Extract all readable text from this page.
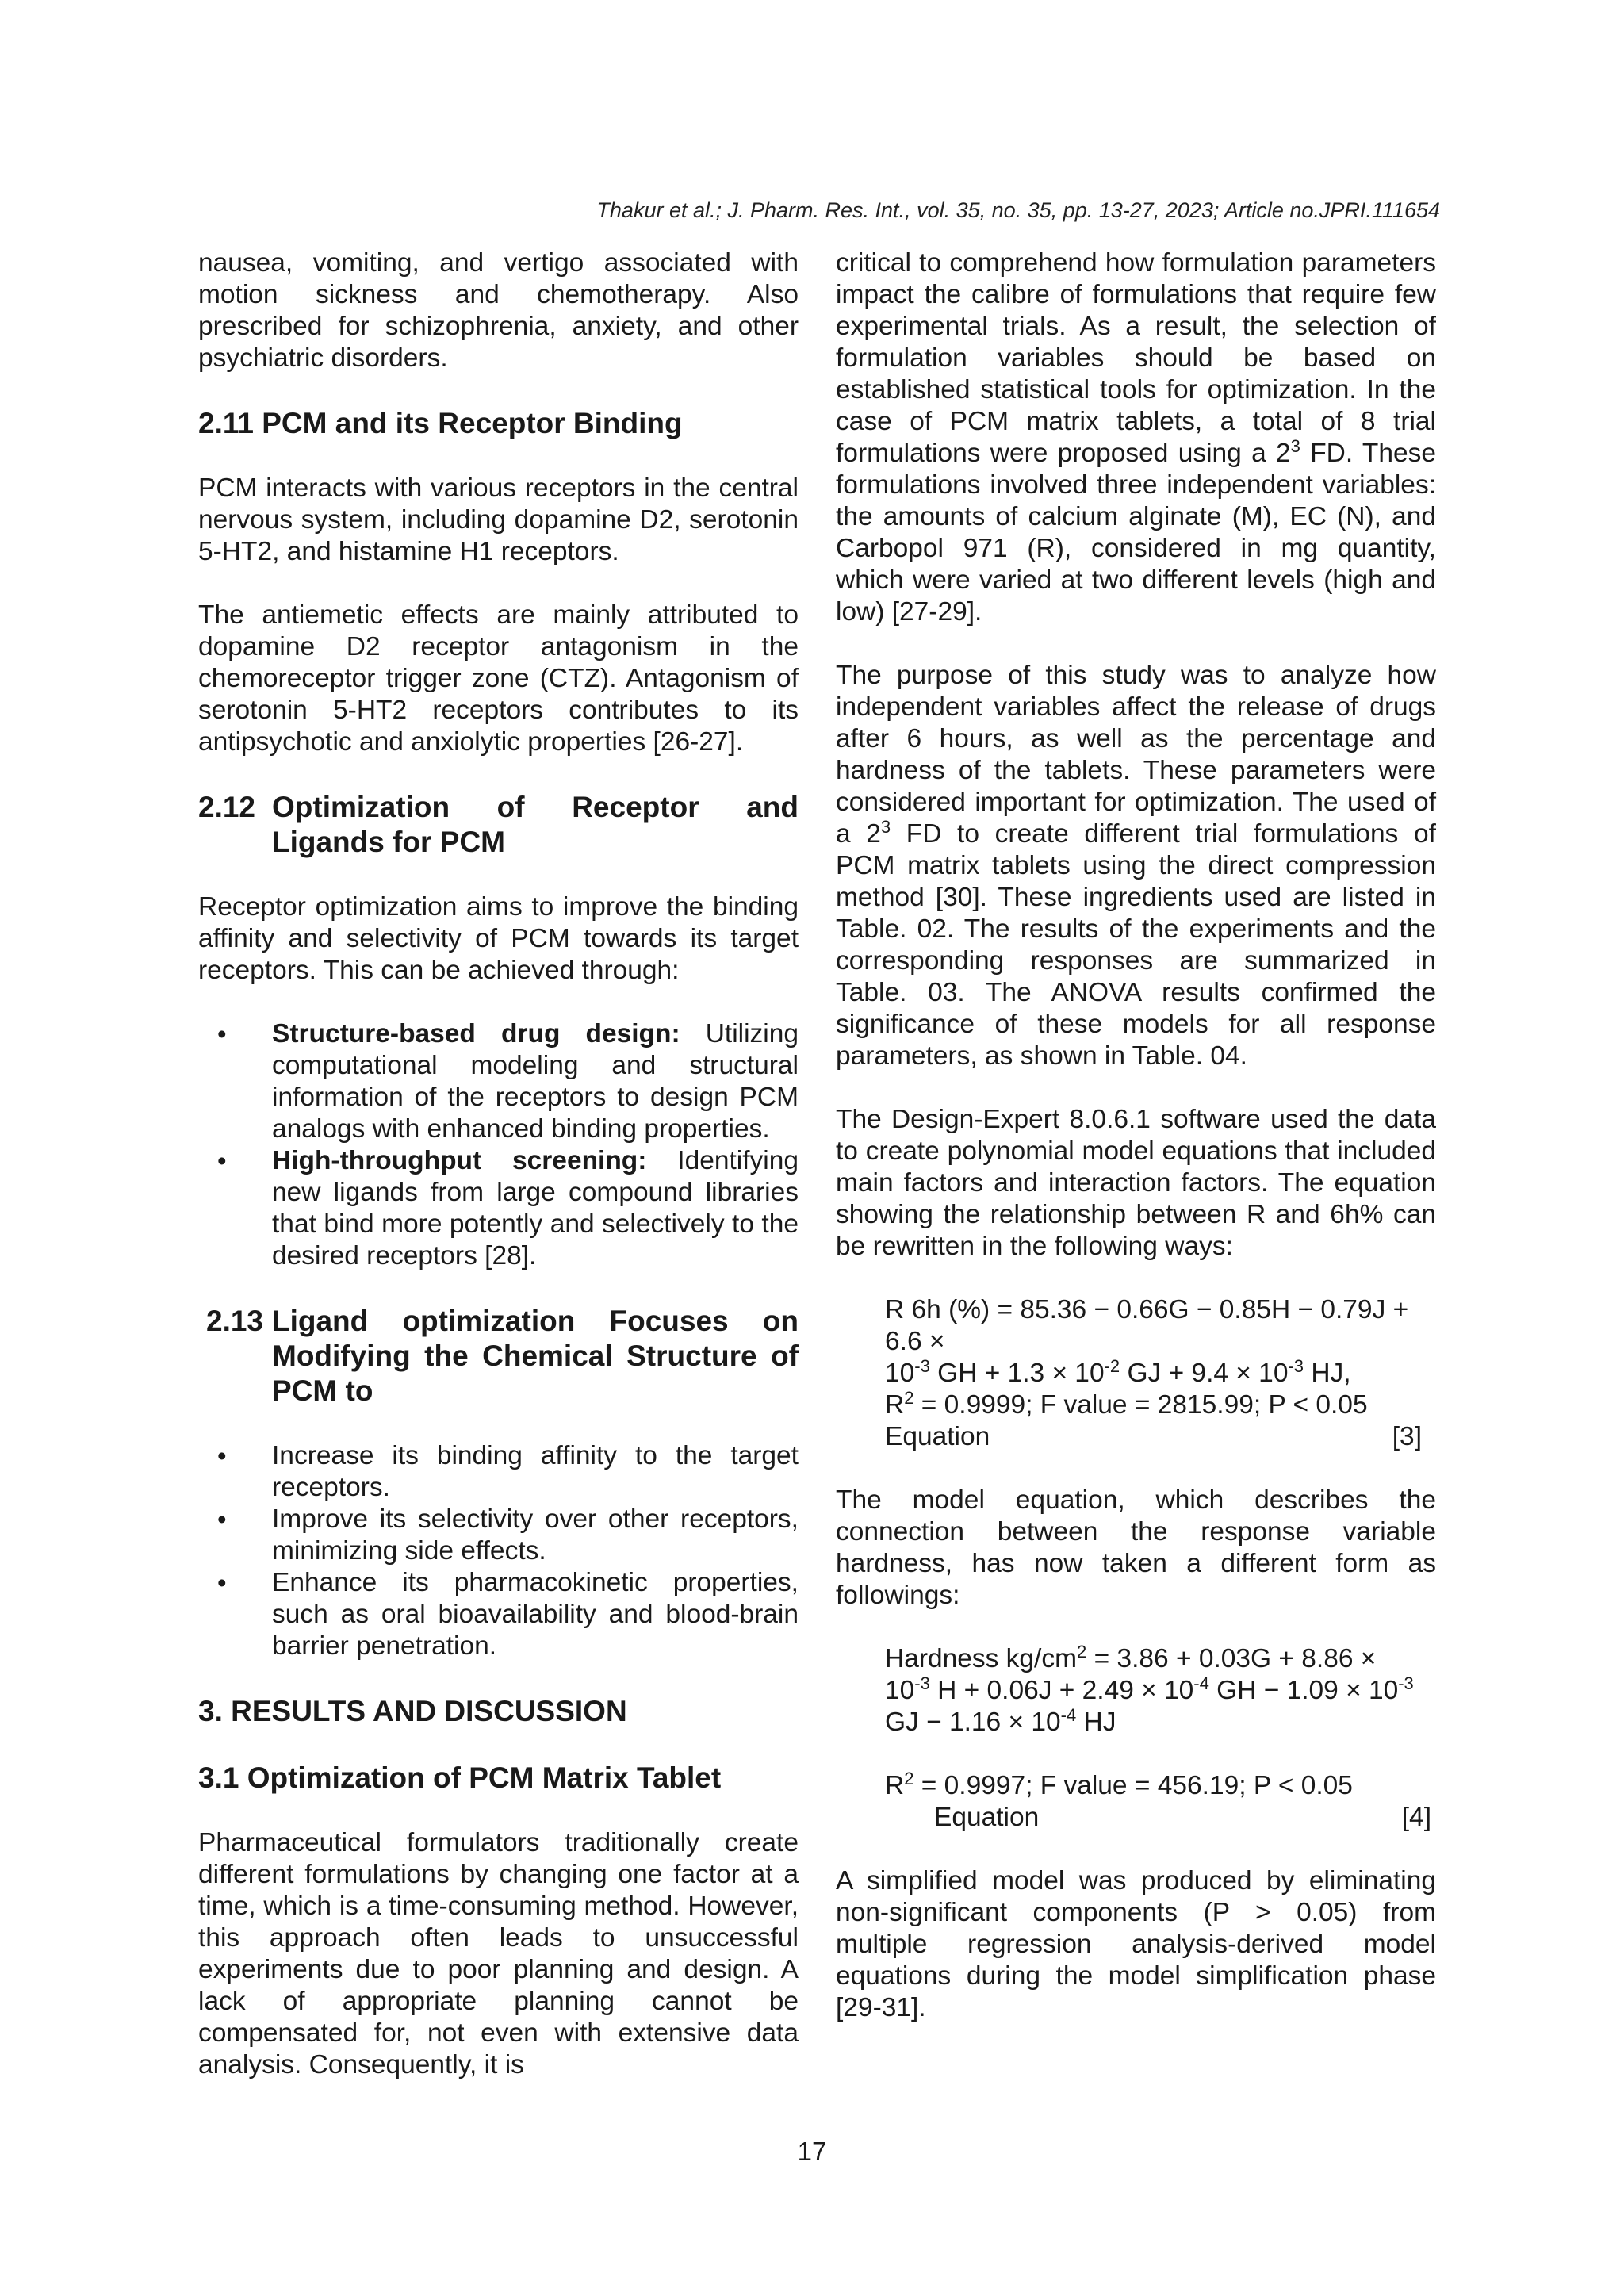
Thakur et al.; J. Pharm. Res. Int., vol. 35, no. 35, pp. 13-27, 2023; Article no.JPRI.111654

nausea, vomiting, and vertigo associated with motion sickness and chemotherapy. Also prescribed for schizophrenia, anxiety, and other psychiatric disorders.

2.11 PCM and its Receptor Binding

PCM interacts with various receptors in the central nervous system, including dopamine D2, serotonin 5-HT2, and histamine H1 receptors.

The antiemetic effects are mainly attributed to dopamine D2 receptor antagonism in the chemoreceptor trigger zone (CTZ). Antagonism of serotonin 5-HT2 receptors contributes to its antipsychotic and anxiolytic properties [26-27].

2.12 Optimization of Receptor and Ligands for PCM

Receptor optimization aims to improve the binding affinity and selectivity of PCM towards its target receptors. This can be achieved through:

• Structure-based drug design: Utilizing computational modeling and structural information of the receptors to design PCM analogs with enhanced binding properties.
• High-throughput screening: Identifying new ligands from large compound libraries that bind more potently and selectively to the desired receptors [28].
2.13 Ligand optimization Focuses on Modifying the Chemical Structure of PCM to
• Increase its binding affinity to the target receptors.
• Improve its selectivity over other receptors, minimizing side effects.
• Enhance its pharmacokinetic properties, such as oral bioavailability and blood-brain barrier penetration.
3. RESULTS AND DISCUSSION
3.1 Optimization of PCM Matrix Tablet

Pharmaceutical formulators traditionally create different formulations by changing one factor at a time, which is a time-consuming method. However, this approach often leads to unsuccessful experiments due to poor planning and design. A lack of appropriate planning cannot be compensated for, not even with extensive data analysis. Consequently, it is

critical to comprehend how formulation parameters impact the calibre of formulations that require few experimental trials. As a result, the selection of formulation variables should be based on established statistical tools for optimization. In the case of PCM matrix tablets, a total of 8 trial formulations were proposed using a $2^3$ FD. These formulations involved three independent variables: the amounts of calcium alginate (M), EC (N), and Carbopol 971 (R), considered in mg quantity, which were varied at two different levels (high and low) [27-29].

The purpose of this study was to analyze how independent variables affect the release of drugs after 6 hours, as well as the percentage and hardness of the tablets. These parameters were considered important for optimization. The used of a $2^3$ FD to create different trial formulations of PCM matrix tablets using the direct compression method [30]. These ingredients used are listed in Table. 02. The results of the experiments and the corresponding responses are summarized in Table. 03. The ANOVA results confirmed the significance of these models for all response parameters, as shown in Table. 04.

The Design-Expert 8.0.6.1 software used the data to create polynomial model equations that included main factors and interaction factors. The equation showing the relationship between R and 6h% can be rewritten in the following ways:

R 6h (%) = 85.36 − 0.66G − 0.85H − 0.79J +
6.6 ×
$10^{-3}$ GH + $1.3 \times 10^{-2}$ GJ + $9.4 \times 10^{-3}$ HJ,
$R^2 = 0.9999$; F value = 2815.99; P < 0.05
Equation	[3]

The model equation, which describes the connection between the response variable hardness, has now taken a different form as followings:

Hardness $kg/cm^2 = 3.86 + 0.03G + 8.86$ ×
$10^{-3}$ $H + 0.06J + 2.49 \times 10^{-4}$ GH − $1.09 \times 10^{-3}$
GJ − $1.16 \times 10^{-4}$ HJ
$R^2 = 0.9997$; F value = 456.19; P < 0.05
Equation	[4]

A simplified model was produced by eliminating non-significant components (P > 0.05) from multiple regression analysis-derived model equations during the model simplification phase [29-31].

17
